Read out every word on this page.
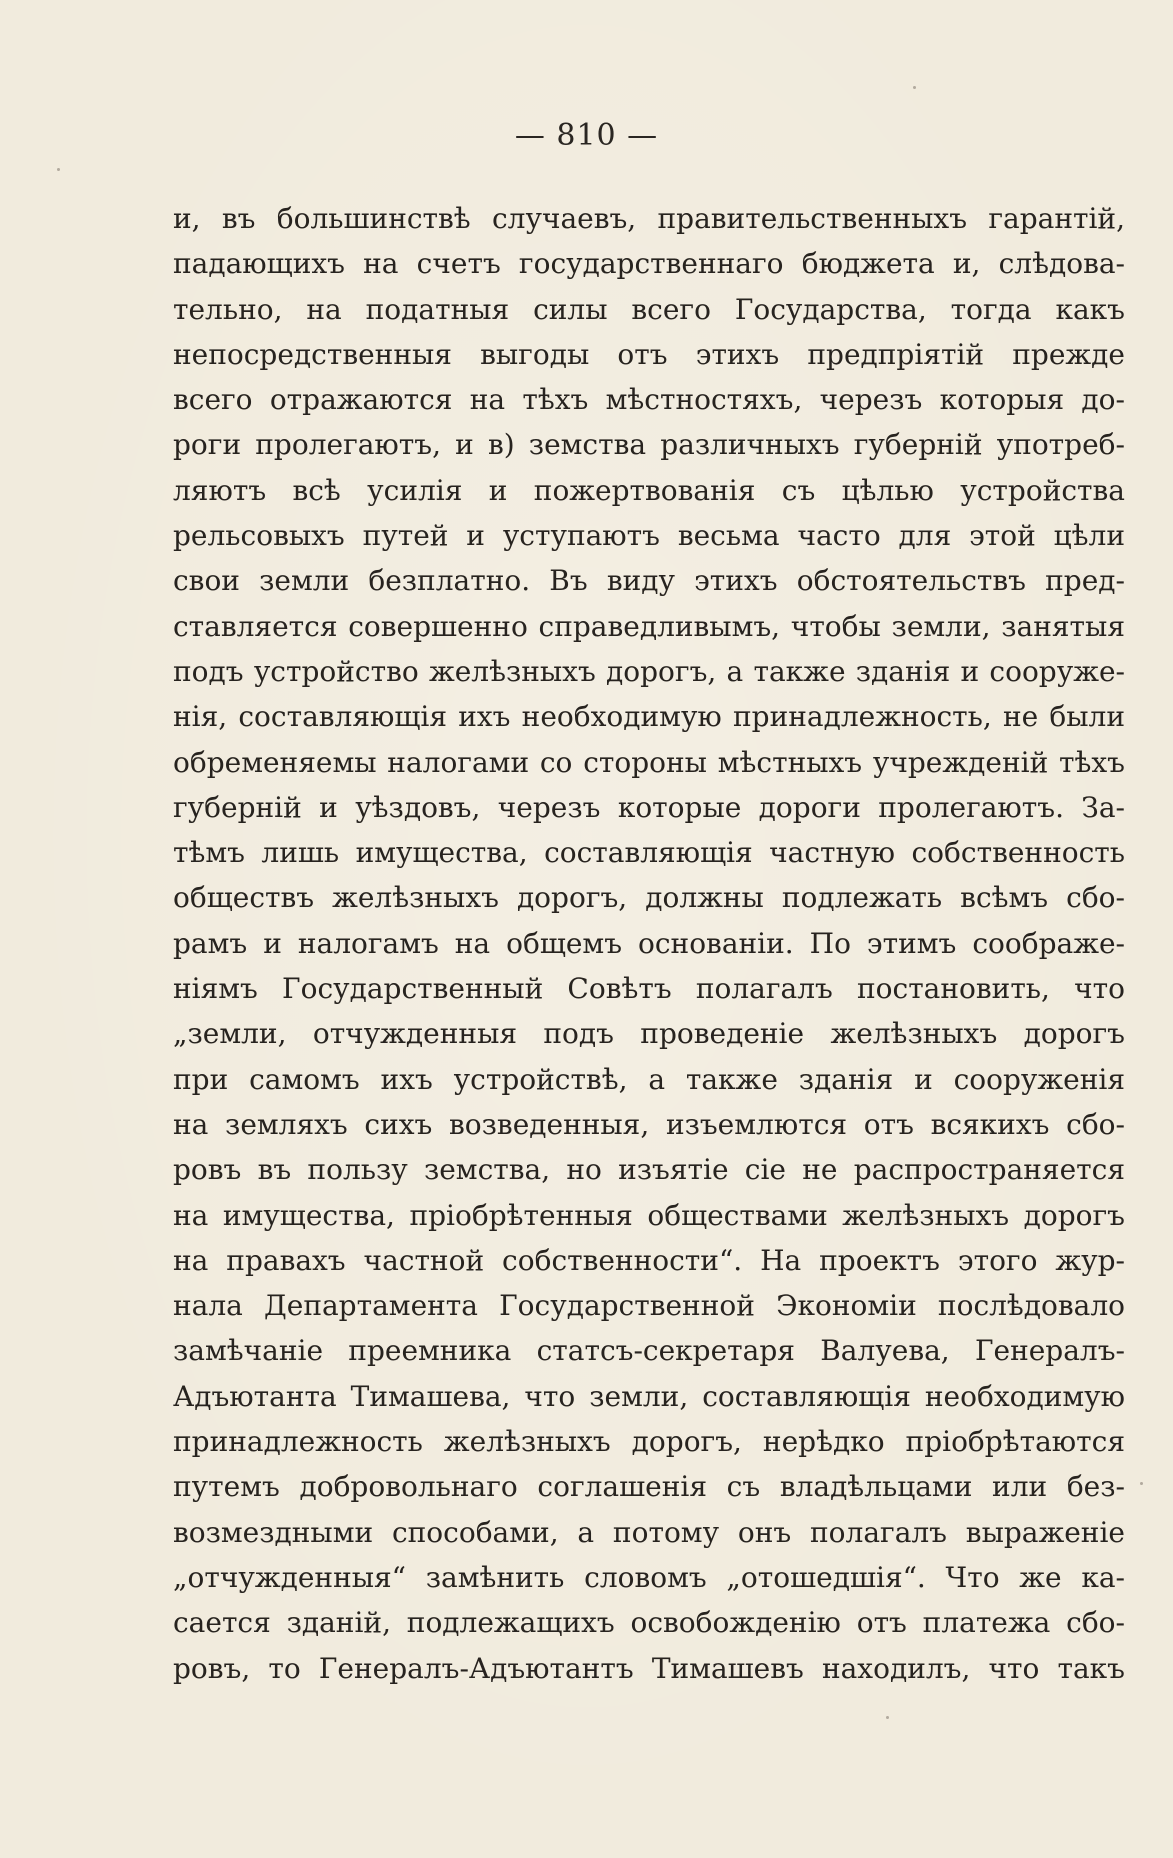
— 810 —
и, въ большинствѣ случаевъ, правительственныхъ гарантій,
падающихъ на счетъ государственнаго бюджета и, слѣдова-
тельно, на податныя силы всего Государства, тогда какъ
непосредственныя выгоды отъ этихъ предпріятій прежде
всего отражаются на тѣхъ мѣстностяхъ, черезъ которыя до-
роги пролегаютъ, и в) земства различныхъ губерній употреб-
ляютъ всѣ усилія и пожертвованія съ цѣлью устройства
рельсовыхъ путей и уступаютъ весьма часто для этой цѣли
свои земли безплатно. Въ виду этихъ обстоятельствъ пред-
ставляется совершенно справедливымъ, чтобы земли, занятыя
подъ устройство желѣзныхъ дорогъ, а также зданія и сооруже-
нія, составляющія ихъ необходимую принадлежность, не были
обременяемы налогами со стороны мѣстныхъ учрежденій тѣхъ
губерній и уѣздовъ, черезъ которые дороги пролегаютъ. За-
тѣмъ лишь имущества, составляющія частную собственность
обществъ желѣзныхъ дорогъ, должны подлежать всѣмъ сбо-
рамъ и налогамъ на общемъ основаніи. По этимъ соображе-
ніямъ Государственный Совѣтъ полагалъ постановить, что
„земли, отчужденныя подъ проведеніе желѣзныхъ дорогъ
при самомъ ихъ устройствѣ, а также зданія и сооруженія
на земляхъ сихъ возведенныя, изъемлются отъ всякихъ сбо-
ровъ въ пользу земства, но изъятіе сіе не распространяется
на имущества, пріобрѣтенныя обществами желѣзныхъ дорогъ
на правахъ частной собственности“. На проектъ этого жур-
нала Департамента Государственной Экономіи послѣдовало
замѣчаніе преемника статсъ-секретаря Валуева, Генералъ-
Адъютанта Тимашева, что земли, составляющія необходимую
принадлежность желѣзныхъ дорогъ, нерѣдко пріобрѣтаются
путемъ добровольнаго соглашенія съ владѣльцами или без-
возмездными способами, а потому онъ полагалъ выраженіе
„отчужденныя“ замѣнить словомъ „отошедшія“. Что же ка-
сается зданій, подлежащихъ освобожденію отъ платежа сбо-
ровъ, то Генералъ-Адъютантъ Тимашевъ находилъ, что такъ
